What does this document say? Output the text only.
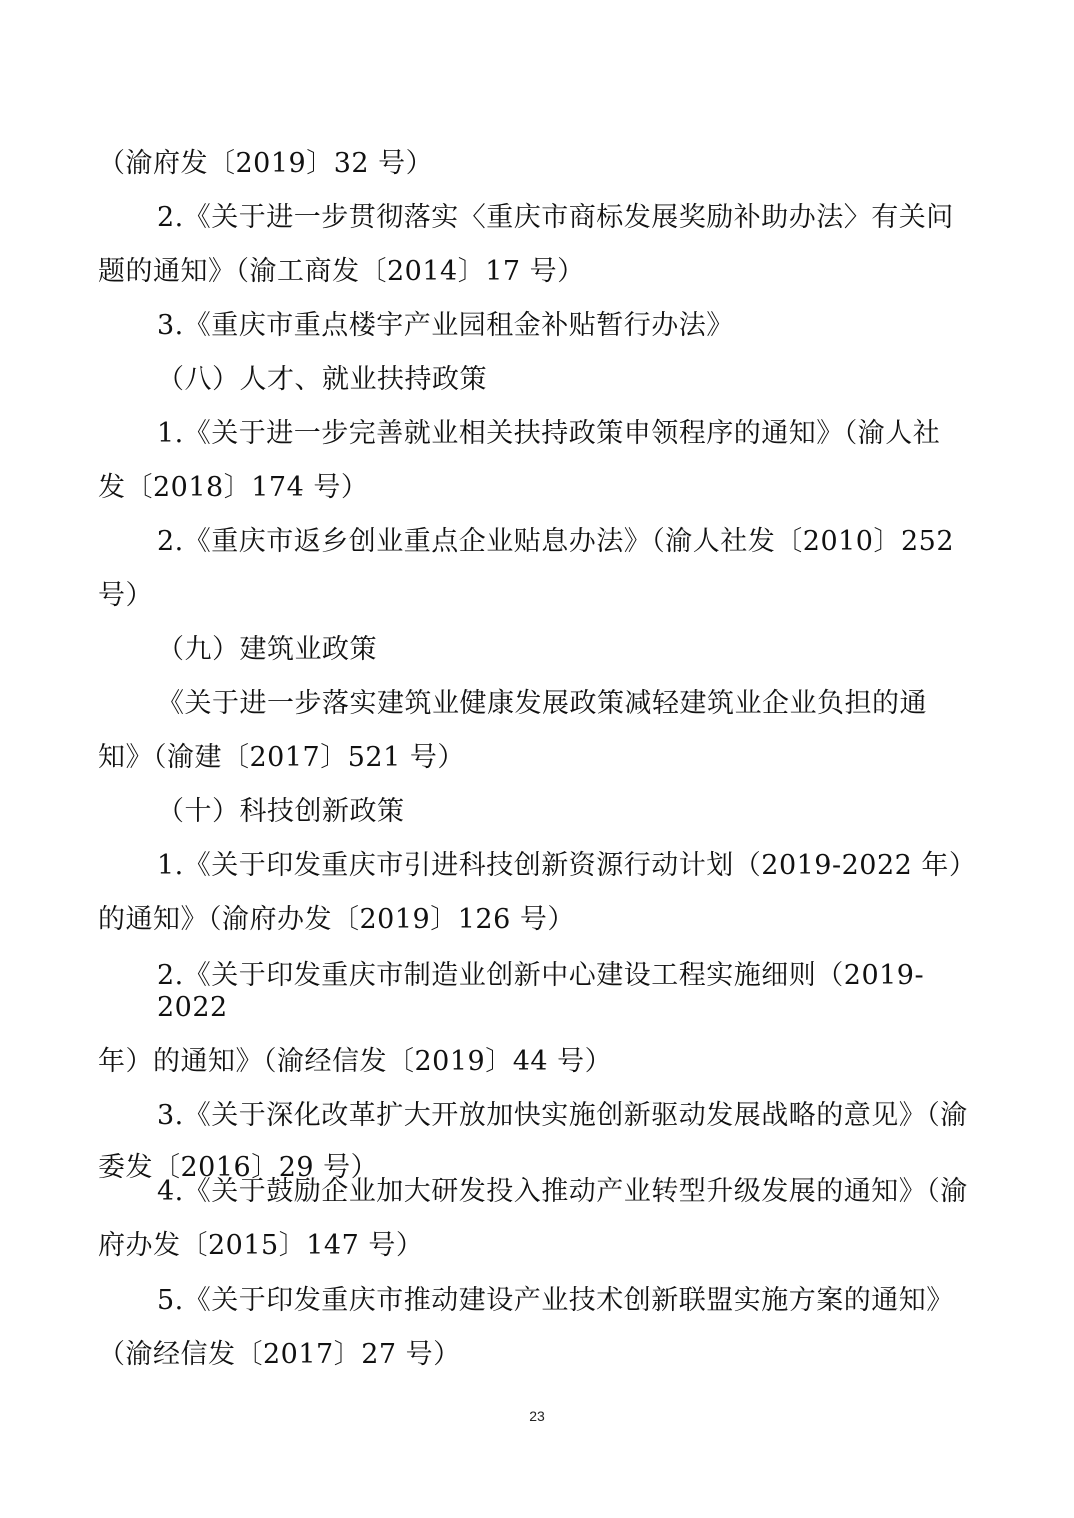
（渝府发〔2019〕32 号）

2.《关于进一步贯彻落实〈重庆市商标发展奖励补助办法〉有关问

题的通知》（渝工商发〔2014〕17 号）

3.《重庆市重点楼宇产业园租金补贴暂行办法》

（八）人才、就业扶持政策

1.《关于进一步完善就业相关扶持政策申领程序的通知》（渝人社

发〔2018〕174 号）

2.《重庆市返乡创业重点企业贴息办法》（渝人社发〔2010〕252

号）

（九）建筑业政策

《关于进一步落实建筑业健康发展政策减轻建筑业企业负担的通

知》（渝建〔2017〕521 号）

（十）科技创新政策

1.《关于印发重庆市引进科技创新资源行动计划（2019-2022 年）

的通知》（渝府办发〔2019〕126 号）

2.《关于印发重庆市制造业创新中心建设工程实施细则（2019-

2022

年）的通知》（渝经信发〔2019〕44 号）

3.《关于深化改革扩大开放加快实施创新驱动发展战略的意见》（渝

委发〔2016〕29 号）

4.《关于鼓励企业加大研发投入推动产业转型升级发展的通知》（渝

府办发〔2015〕147 号）

5.《关于印发重庆市推动建设产业技术创新联盟实施方案的通知》

（渝经信发〔2017〕27 号）

23
